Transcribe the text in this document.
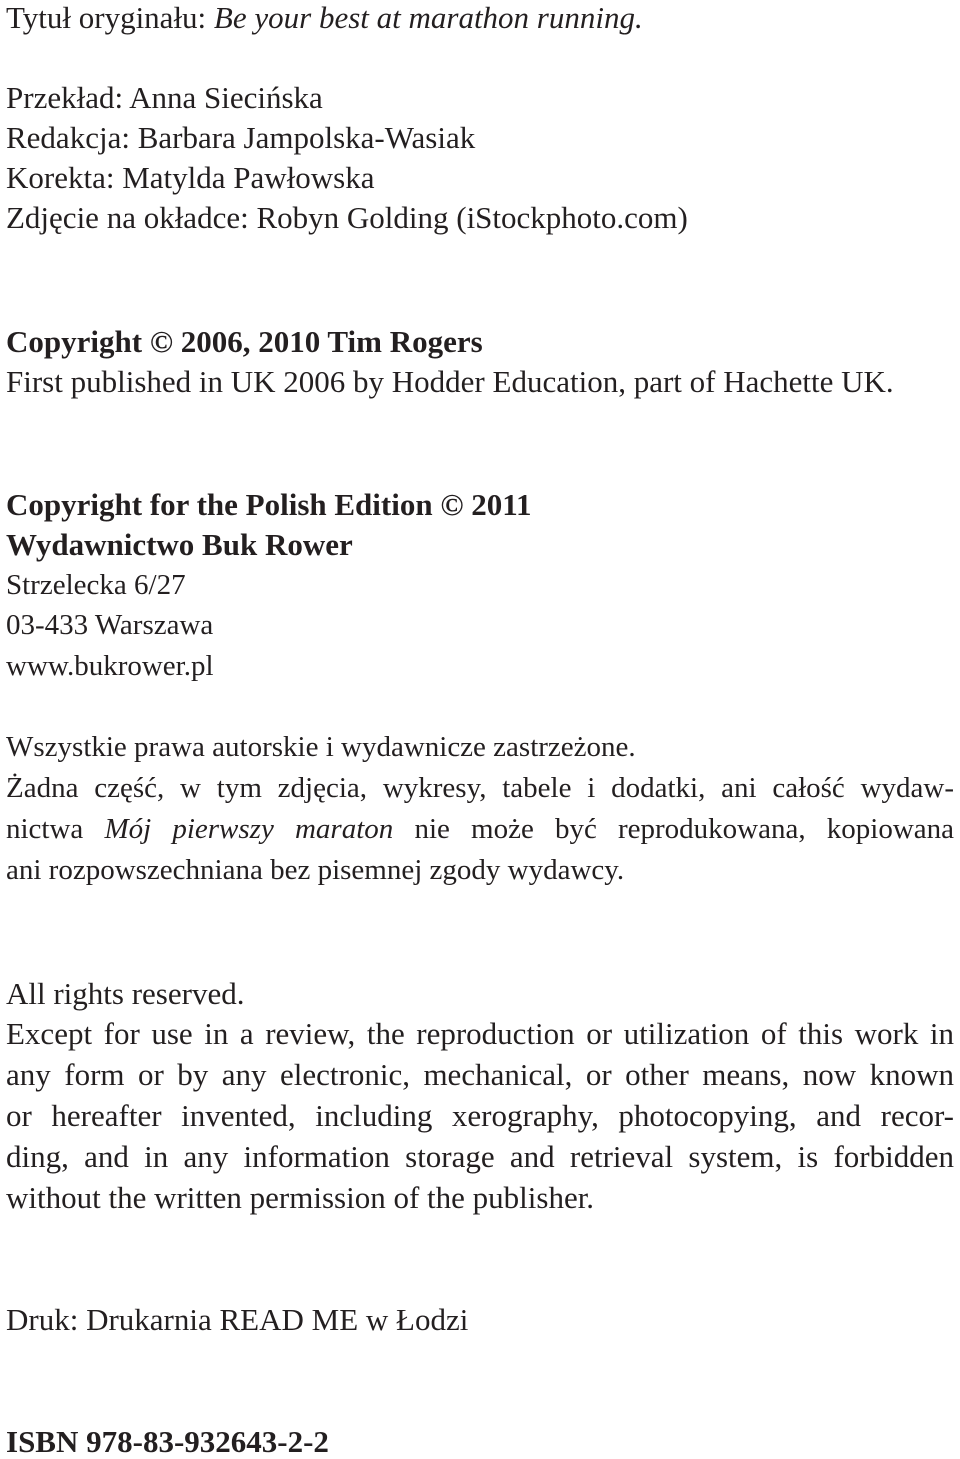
Tytuł oryginału: Be your best at marathon running.
Przekład: Anna Siecińska
Redakcja: Barbara Jampolska-Wasiak
Korekta: Matylda Pawłowska
Zdjęcie na okładce: Robyn Golding (iStockphoto.com)
Copyright © 2006, 2010 Tim Rogers
First published in UK 2006 by Hodder Education, part of Hachette UK.
Copyright for the Polish Edition © 2011
Wydawnictwo Buk Rower
Strzelecka 6/27
03-433 Warszawa
www.bukrower.pl
Wszystkie prawa autorskie i wydawnicze zastrzeżone.
Żadna część, w tym zdjęcia, wykresy, tabele i dodatki, ani całość wydaw-
nictwa Mój pierwszy maraton nie może być reprodukowana, kopiowana
ani rozpowszechniana bez pisemnej zgody wydawcy.
All rights reserved.
Except for use in a review, the reproduction or utilization of this work in
any form or by any electronic, mechanical, or other means, now known
or hereafter invented, including xerography, photocopying, and recor-
ding, and in any information storage and retrieval system, is forbidden
without the written permission of the publisher.
Druk: Drukarnia READ ME w Łodzi
ISBN 978-83-932643-2-2
